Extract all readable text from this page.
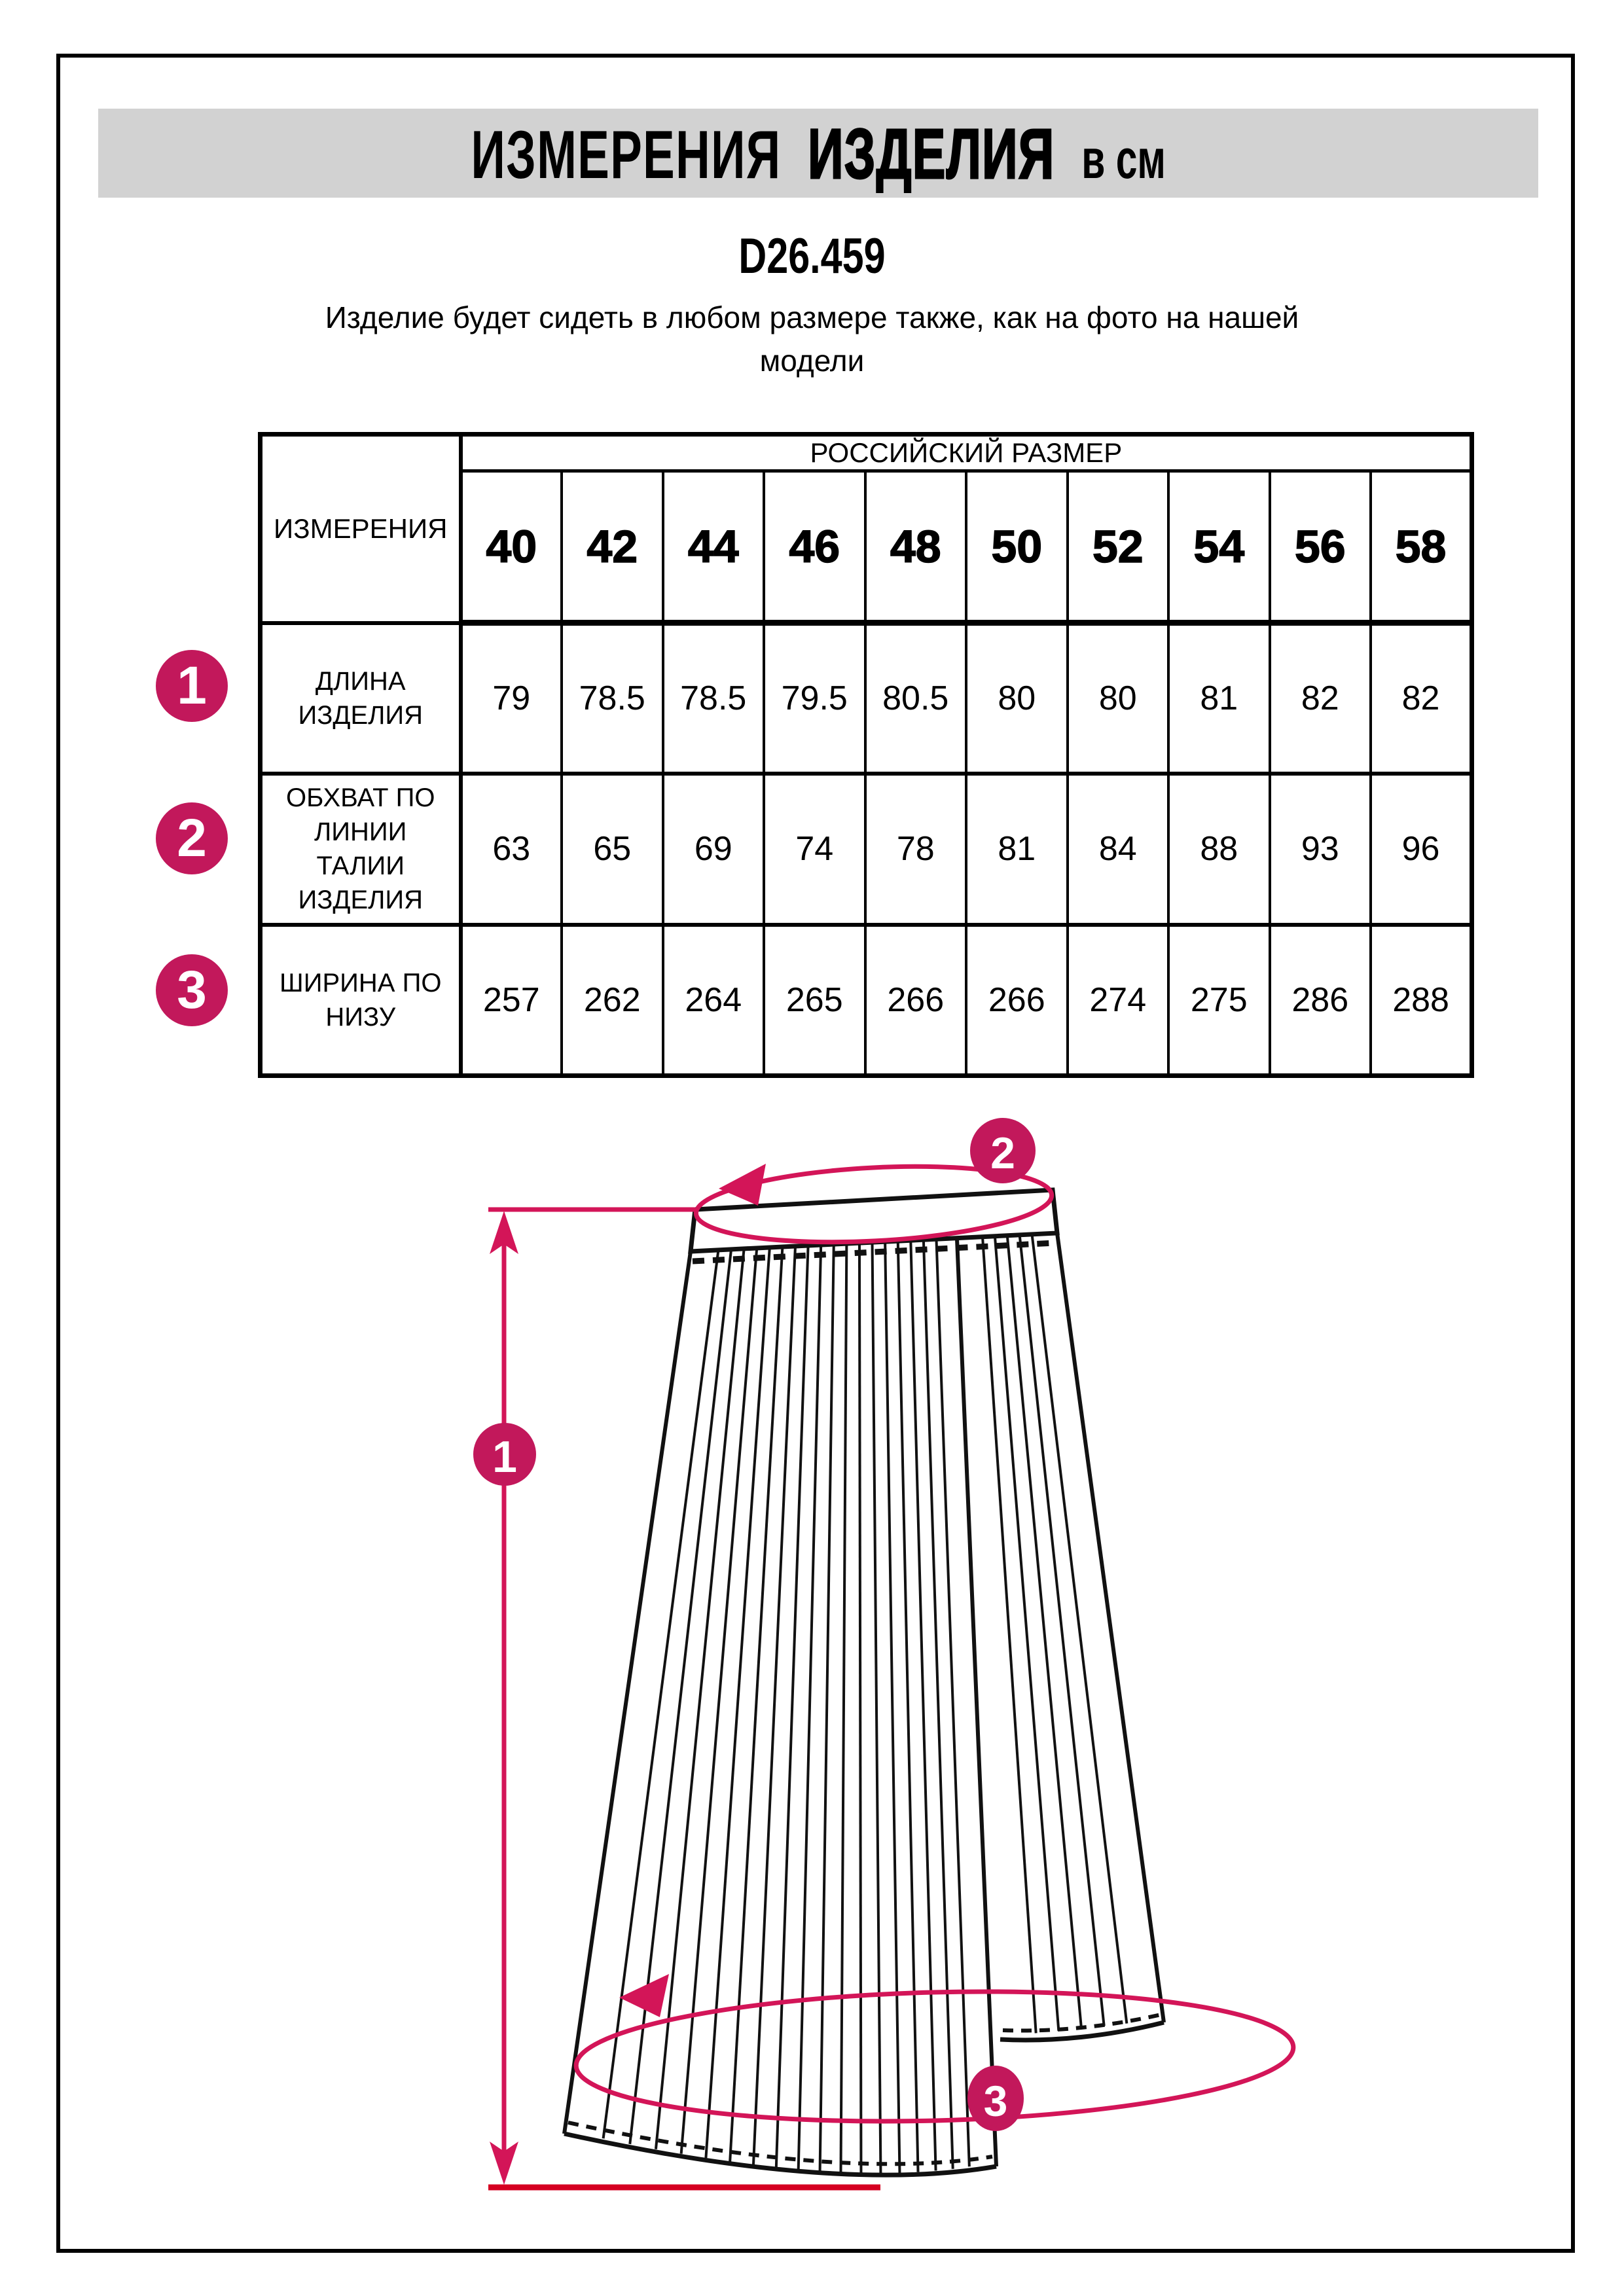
ИЗМЕРЕНИЯ ИЗДЕЛИЯ в см
D26.459
Изделие будет сидеть в любом размере также, как на фото на нашей
модели
ИЗМЕРЕНИЯ	РОССИЙСКИЙ РАЗМЕР									
	40	42	44	46	48	50	52	54	56	58

ДЛИНА ИЗДЕЛИЯ	79	78.5	78.5	79.5	80.5	80	80	81	82	82

ОБХВАТ ПО ЛИНИИ ТАЛИИ ИЗДЕЛИЯ	63	65	69	74	78	81	84	88	93	96

ШИРИНА ПО НИЗУ	257	262	264	265	266	266	274	275	286	288
1
2
3
1
2
3
